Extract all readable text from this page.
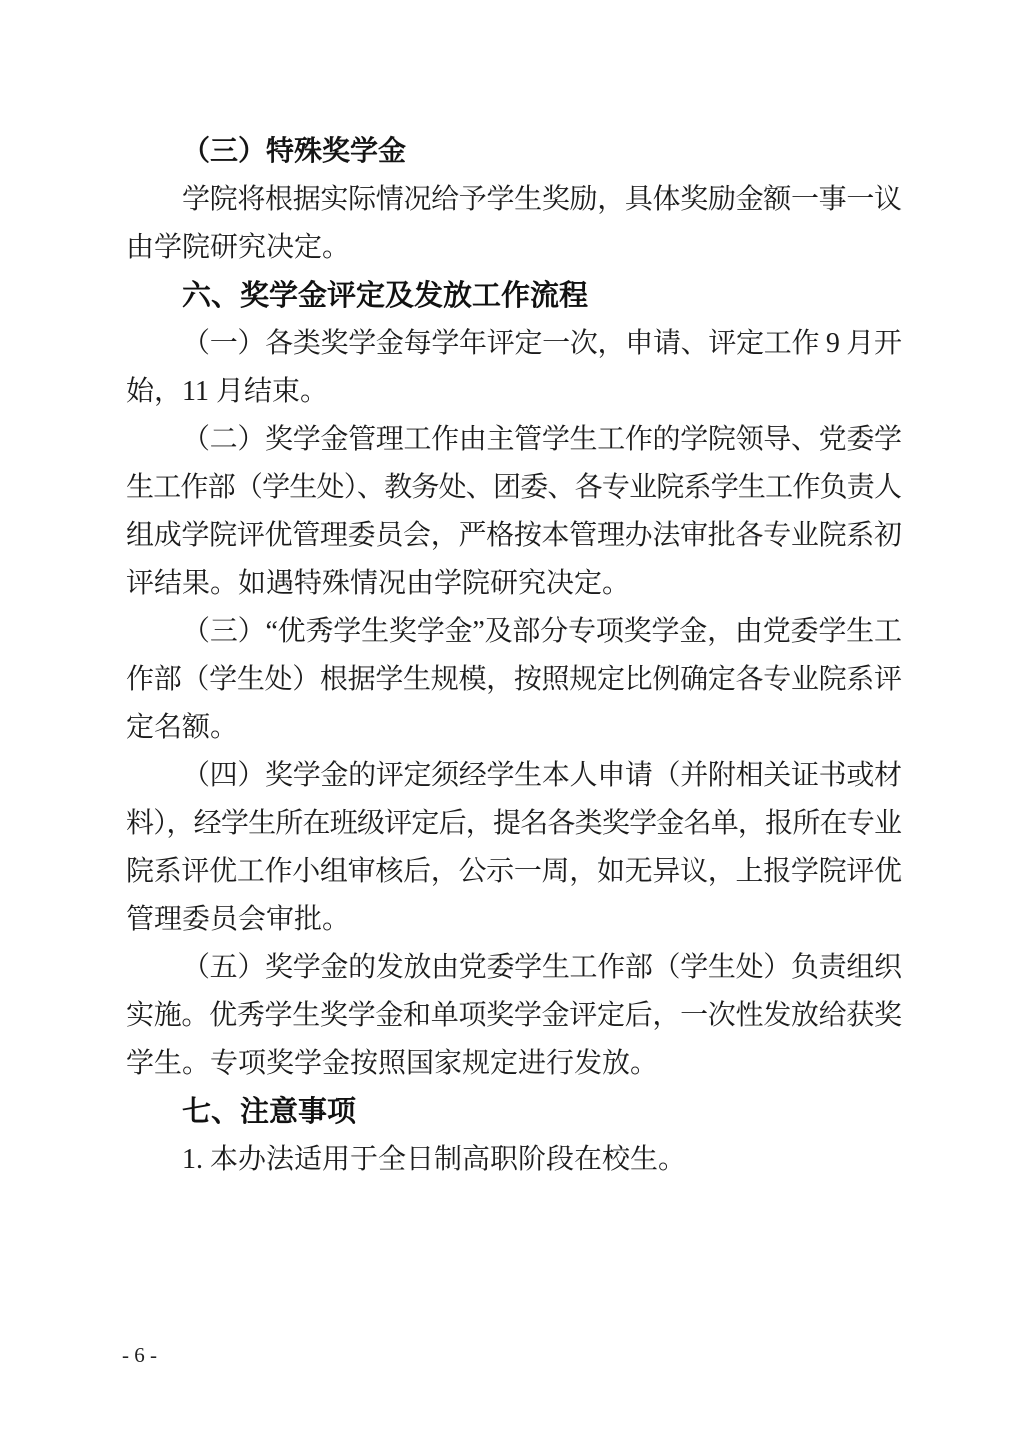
（三）特殊奖学金
学院将根据实际情况给予学生奖励，具体奖励金额一事一议
由学院研究决定。
六、奖学金评定及发放工作流程
（一）各类奖学金每学年评定一次，申请、评定工作 9 月开
始，11 月结束。
（二）奖学金管理工作由主管学生工作的学院领导、党委学
生工作部（学生处）、教务处、团委、各专业院系学生工作负责人
组成学院评优管理委员会，严格按本管理办法审批各专业院系初
评结果。如遇特殊情况由学院研究决定。
（三）“优秀学生奖学金”及部分专项奖学金，由党委学生工
作部（学生处）根据学生规模，按照规定比例确定各专业院系评
定名额。
（四）奖学金的评定须经学生本人申请（并附相关证书或材
料），经学生所在班级评定后，提名各类奖学金名单，报所在专业
院系评优工作小组审核后，公示一周，如无异议，上报学院评优
管理委员会审批。
（五）奖学金的发放由党委学生工作部（学生处）负责组织
实施。优秀学生奖学金和单项奖学金评定后，一次性发放给获奖
学生。专项奖学金按照国家规定进行发放。
七、注意事项
1. 本办法适用于全日制高职阶段在校生。
- 6 -
